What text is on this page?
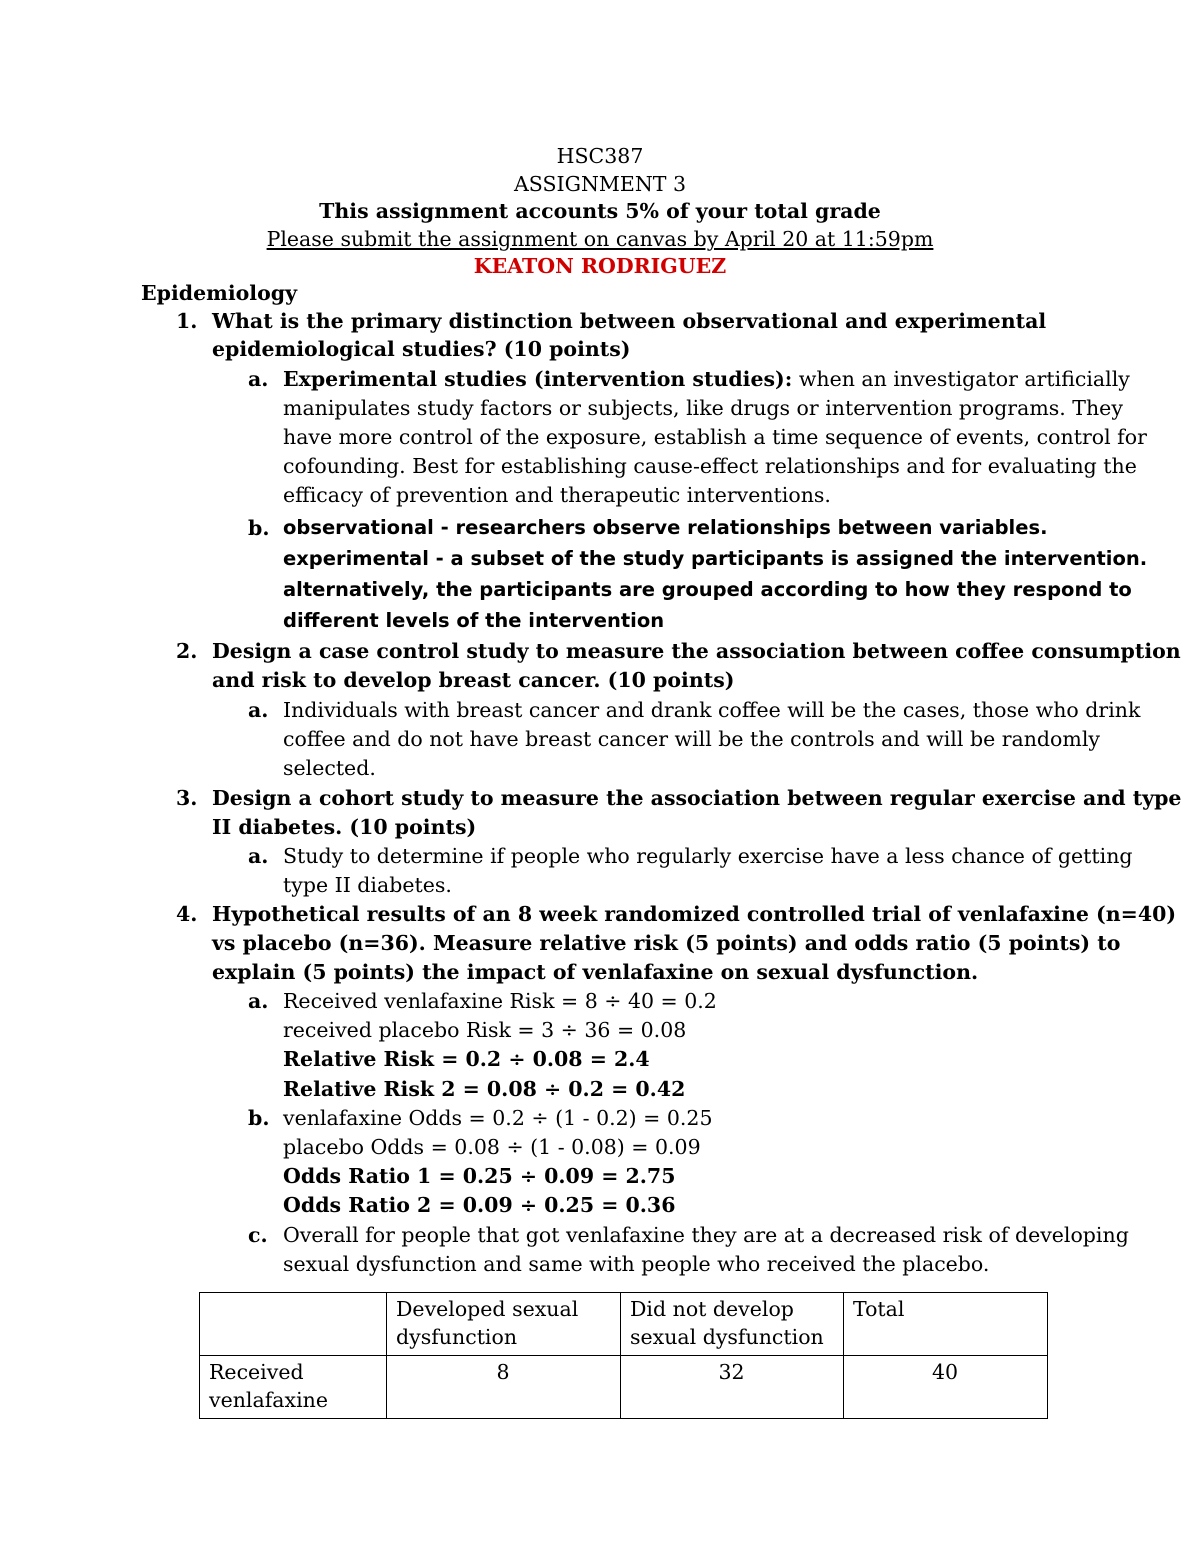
HSC387
ASSIGNMENT 3
This assignment accounts 5% of your total grade
Please submit the assignment on canvas by April 20 at 11:59pm
KEATON RODRIGUEZ
Epidemiology
1. What is the primary distinction between observational and experimental
epidemiological studies? (10 points)
a. Experimental studies (intervention studies): when an investigator artificially
manipulates study factors or subjects, like drugs or intervention programs. They
have more control of the exposure, establish a time sequence of events, control for
cofounding. Best for establishing cause-effect relationships and for evaluating the
efficacy of prevention and therapeutic interventions.
b. observational - researchers observe relationships between variables.
experimental - a subset of the study participants is assigned the intervention.
alternatively, the participants are grouped according to how they respond to
different levels of the intervention
2. Design a case control study to measure the association between coffee consumption
and risk to develop breast cancer. (10 points)
a. Individuals with breast cancer and drank coffee will be the cases, those who drink
coffee and do not have breast cancer will be the controls and will be randomly
selected.
3. Design a cohort study to measure the association between regular exercise and type
II diabetes. (10 points)
a. Study to determine if people who regularly exercise have a less chance of getting
type II diabetes.
4. Hypothetical results of an 8 week randomized controlled trial of venlafaxine (n=40)
vs placebo (n=36). Measure relative risk (5 points) and odds ratio (5 points) to
explain (5 points) the impact of venlafaxine on sexual dysfunction.
a. Received venlafaxine Risk = 8 ÷ 40 = 0.2
received placebo Risk = 3 ÷ 36 = 0.08
Relative Risk = 0.2 ÷ 0.08 = 2.4
Relative Risk 2 = 0.08 ÷ 0.2 = 0.42
b. venlafaxine Odds = 0.2 ÷ (1 - 0.2) = 0.25
placebo Odds = 0.08 ÷ (1 - 0.08) = 0.09
Odds Ratio 1 = 0.25 ÷ 0.09 = 2.75
Odds Ratio 2 = 0.09 ÷ 0.25 = 0.36
c. Overall for people that got venlafaxine they are at a decreased risk of developing
sexual dysfunction and same with people who received the placebo.
	Developed sexual dysfunction	Did not develop sexual dysfunction	Total
Received venlafaxine	8	32	40
